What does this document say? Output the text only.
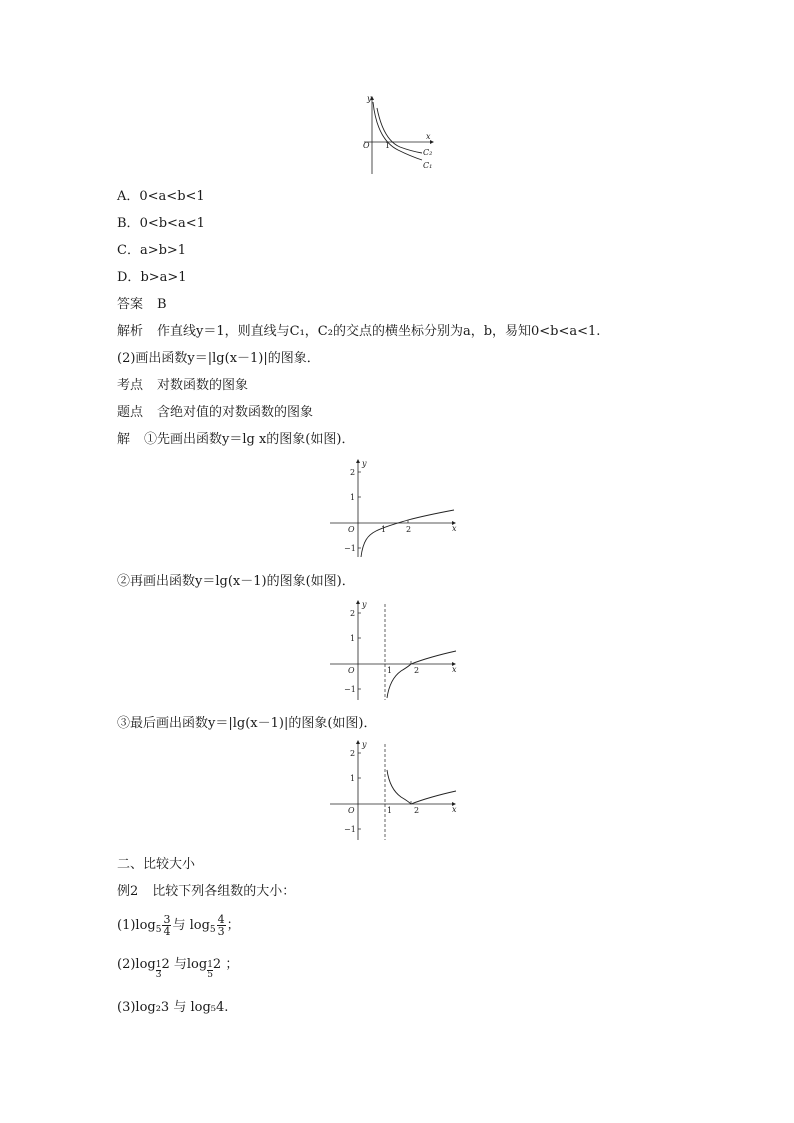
y
x
O 1
C₂
C₁
A．0<a<b<1
B．0<b<a<1
C．a>b>1
D．b>a>1
答案 B
解析 作直线y＝1，则直线与C₁，C₂的交点的横坐标分别为a，b，易知0<b<a<1.
(2)画出函数y＝|lg(x－1)|的图象．
考点 对数函数的图象
题点 含绝对值的对数函数的图象
解 ①先画出函数y＝lg x的图象(如图)．
y
x
O
2
1
−1
1 2
②再画出函数y＝lg(x－1)的图象(如图)．
y
x
O
2
1
−1
1	2
③最后画出函数y＝|lg(x－1)|的图象(如图)．
y
x
O
2
1
−1
1	2
二、比较大小
例2 比较下列各组数的大小：
$(1)\log_5 \frac{3}{4}$ 与 $\log_5 \frac{4}{3}$ ；
$(2)\log \frac{1}{3} 2$ 与$\log \frac{1}{5} 2$ ；
(3)log₂3 与 log₅4.
